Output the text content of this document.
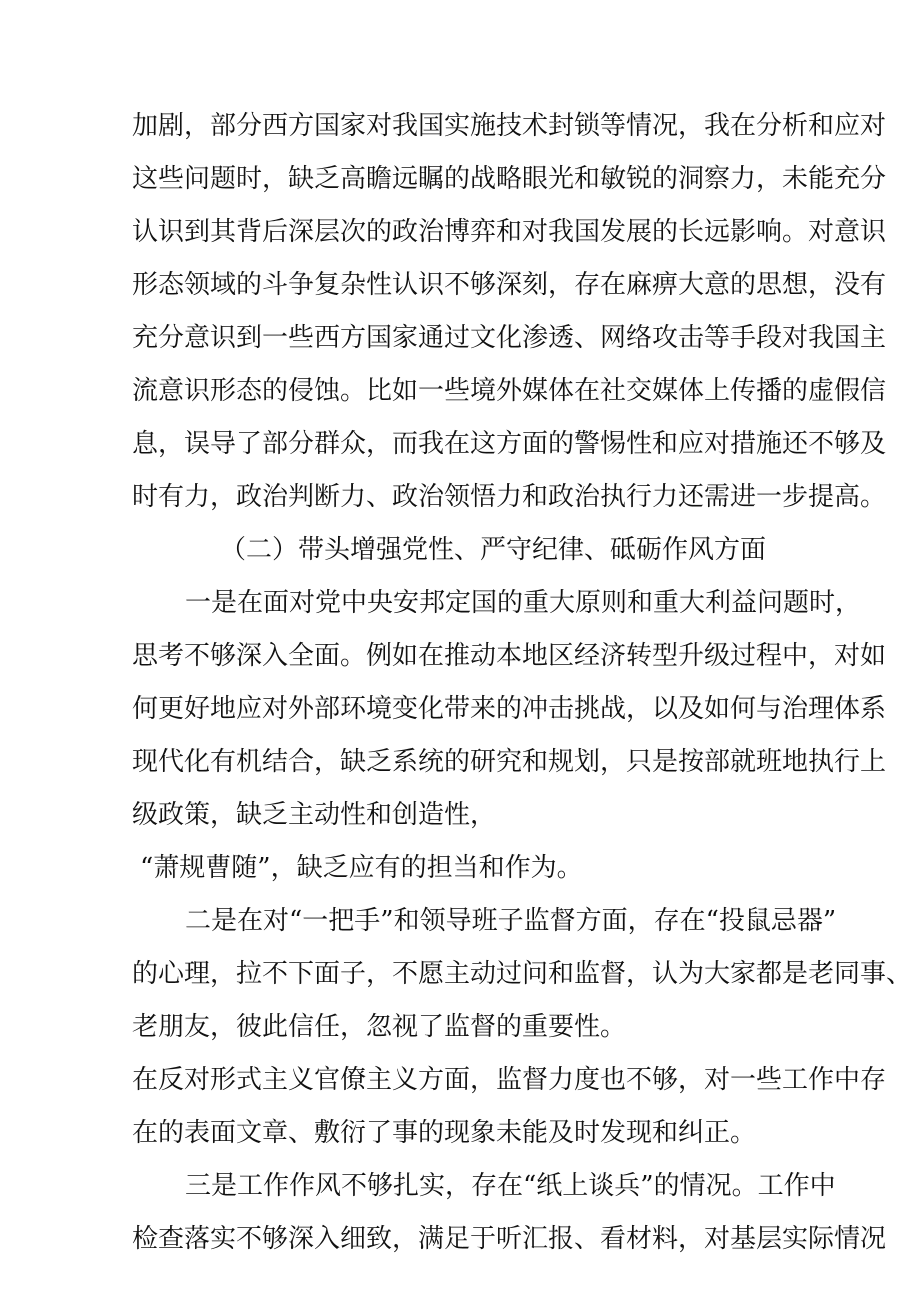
加剧，部分西方国家对我国实施技术封锁等情况，我在分析和应对
这些问题时，缺乏高瞻远瞩的战略眼光和敏锐的洞察力，未能充分
认识到其背后深层次的政治博弈和对我国发展的长远影响。对意识
形态领域的斗争复杂性认识不够深刻，存在麻痹大意的思想，没有
充分意识到一些西方国家通过文化渗透、网络攻击等手段对我国主
流意识形态的侵蚀。比如一些境外媒体在社交媒体上传播的虚假信
息，误导了部分群众，而我在这方面的警惕性和应对措施还不够及
时有力，政治判断力、政治领悟力和政治执行力还需进一步提高。
（二）带头增强党性、严守纪律、砥砺作风方面
一是在面对党中央安邦定国的重大原则和重大利益问题时，
思考不够深入全面。例如在推动本地区经济转型升级过程中，对如
何更好地应对外部环境变化带来的冲击挑战，以及如何与治理体系
现代化有机结合，缺乏系统的研究和规划，只是按部就班地执行上
级政策，缺乏主动性和创造性，
“萧规曹随”，缺乏应有的担当和作为。
二是在对“一把手”和领导班子监督方面，存在“投鼠忌器”
的心理，拉不下面子，不愿主动过问和监督，认为大家都是老同事、
老朋友，彼此信任，忽视了监督的重要性。
在反对形式主义官僚主义方面，监督力度也不够，对一些工作中存
在的表面文章、敷衍了事的现象未能及时发现和纠正。
三是工作作风不够扎实，存在“纸上谈兵”的情况。工作中
检查落实不够深入细致，满足于听汇报、看材料，对基层实际情况
